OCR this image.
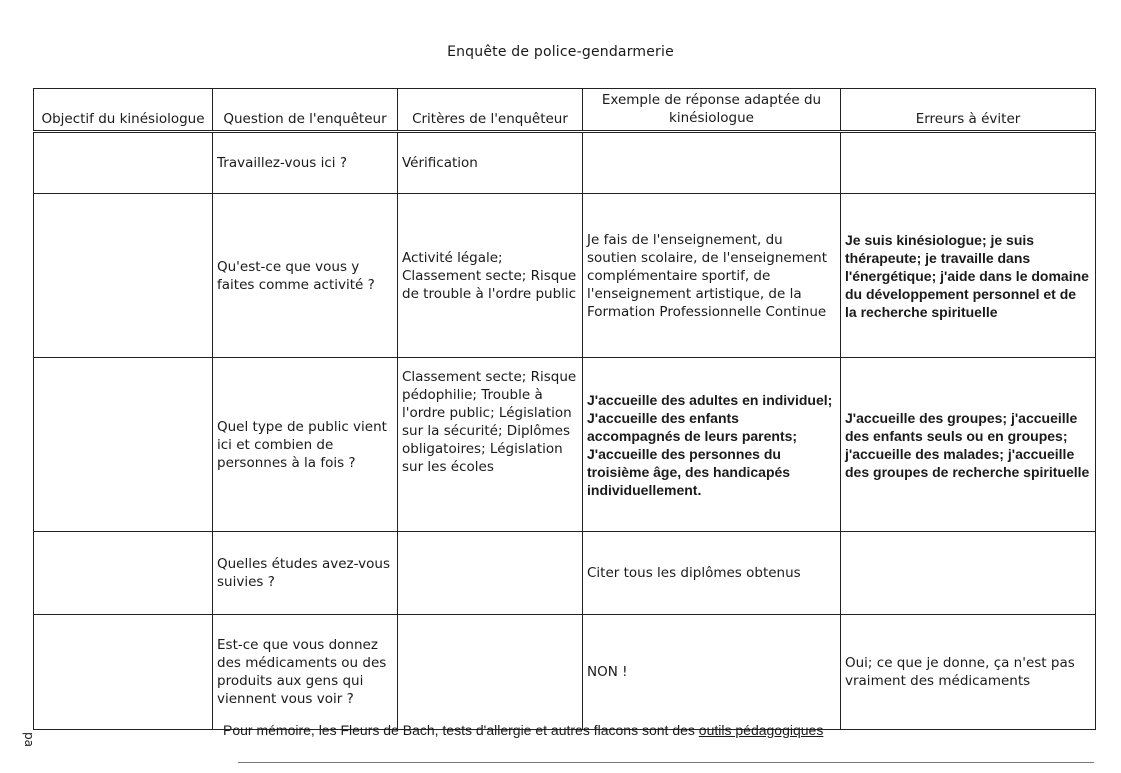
Enquête de police-gendarmerie
Objectif du kinésiologue	Question de l'enquêteur	Critères de l'enquêteur	Exemple de réponse adaptée du kinésiologue	Erreurs à éviter
	Travaillez-vous ici ?	Vérification		
	Qu'est-ce que vous y faites comme activité ?	Activité légale; Classement secte; Risque de trouble à l'ordre public	Je fais de l'enseignement, du soutien scolaire, de l'enseignement complémentaire sportif, de l'enseignement artistique, de la Formation Professionnelle Continue	Je suis kinésiologue; je suis thérapeute; je travaille dans l'énergétique; j'aide dans le domaine du développement personnel et de la recherche spirituelle
	Quel type de public vient ici et combien de personnes à la fois ?	Classement secte; Risque pédophilie; Trouble à l'ordre public; Législation sur la sécurité; Diplômes obligatoires; Législation sur les écoles	J'accueille des adultes en individuel; J'accueille des enfants accompagnés de leurs parents; J'accueille des personnes du troisième âge, des handicapés individuellement.	J'accueille des groupes; j'accueille des enfants seuls ou en groupes; j'accueille des malades; j'accueille des groupes de recherche spirituelle
	Quelles études avez-vous suivies ?		Citer tous les diplômes obtenus	
	Est-ce que vous donnez des médicaments ou des produits aux gens qui viennent vous voir ?		NON !	Oui; ce que je donne, ça n'est pas vraiment des médicaments
pa
Pour mémoire, les Fleurs de Bach, tests d'allergie et autres flacons sont des outils pédagogiques
